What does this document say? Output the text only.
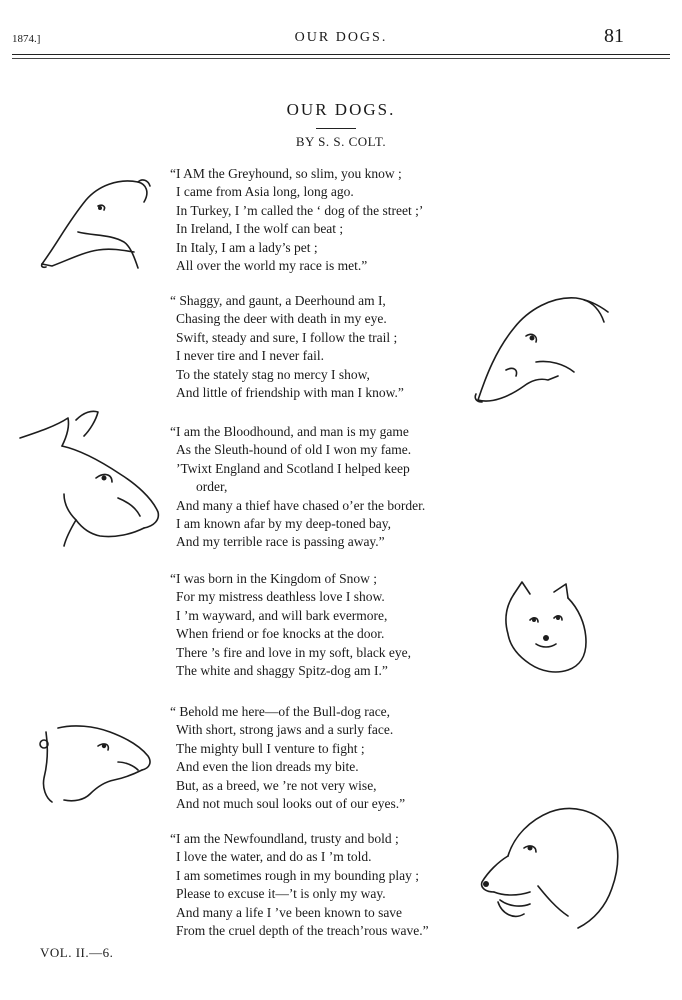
1874.]	OUR DOGS.	81
OUR DOGS.
BY S. S. COLT.
“I AM the Greyhound, so slim, you know ;
I came from Asia long, long ago.
In Turkey, I ’m called the ‘ dog of the street ;’
In Ireland, I the wolf can beat ;
In Italy, I am a lady’s pet ;
All over the world my race is met.”
“ Shaggy, and gaunt, a Deerhound am I,
Chasing the deer with death in my eye.
Swift, steady and sure, I follow the trail ;
I never tire and I never fail.
To the stately stag no mercy I show,
And little of friendship with man I know.”
“I am the Bloodhound, and man is my game
As the Sleuth-hound of old I won my fame.
’Twixt England and Scotland I helped keep
order,
And many a thief have chased o’er the border.
I am known afar by my deep-toned bay,
And my terrible race is passing away.”
“I was born in the Kingdom of Snow ;
For my mistress deathless love I show.
I ’m wayward, and will bark evermore,
When friend or foe knocks at the door.
There ’s fire and love in my soft, black eye,
The white and shaggy Spitz-dog am I.”
“ Behold me here—of the Bull-dog race,
With short, strong jaws and a surly face.
The mighty bull I venture to fight ;
And even the lion dreads my bite.
But, as a breed, we ’re not very wise,
And not much soul looks out of our eyes.”
“I am the Newfoundland, trusty and bold ;
I love the water, and do as I ’m told.
I am sometimes rough in my bounding play ;
Please to excuse it—’t is only my way.
And many a life I ’ve been known to save
From the cruel depth of the treach’rous wave.”
VOL. II.—6.
